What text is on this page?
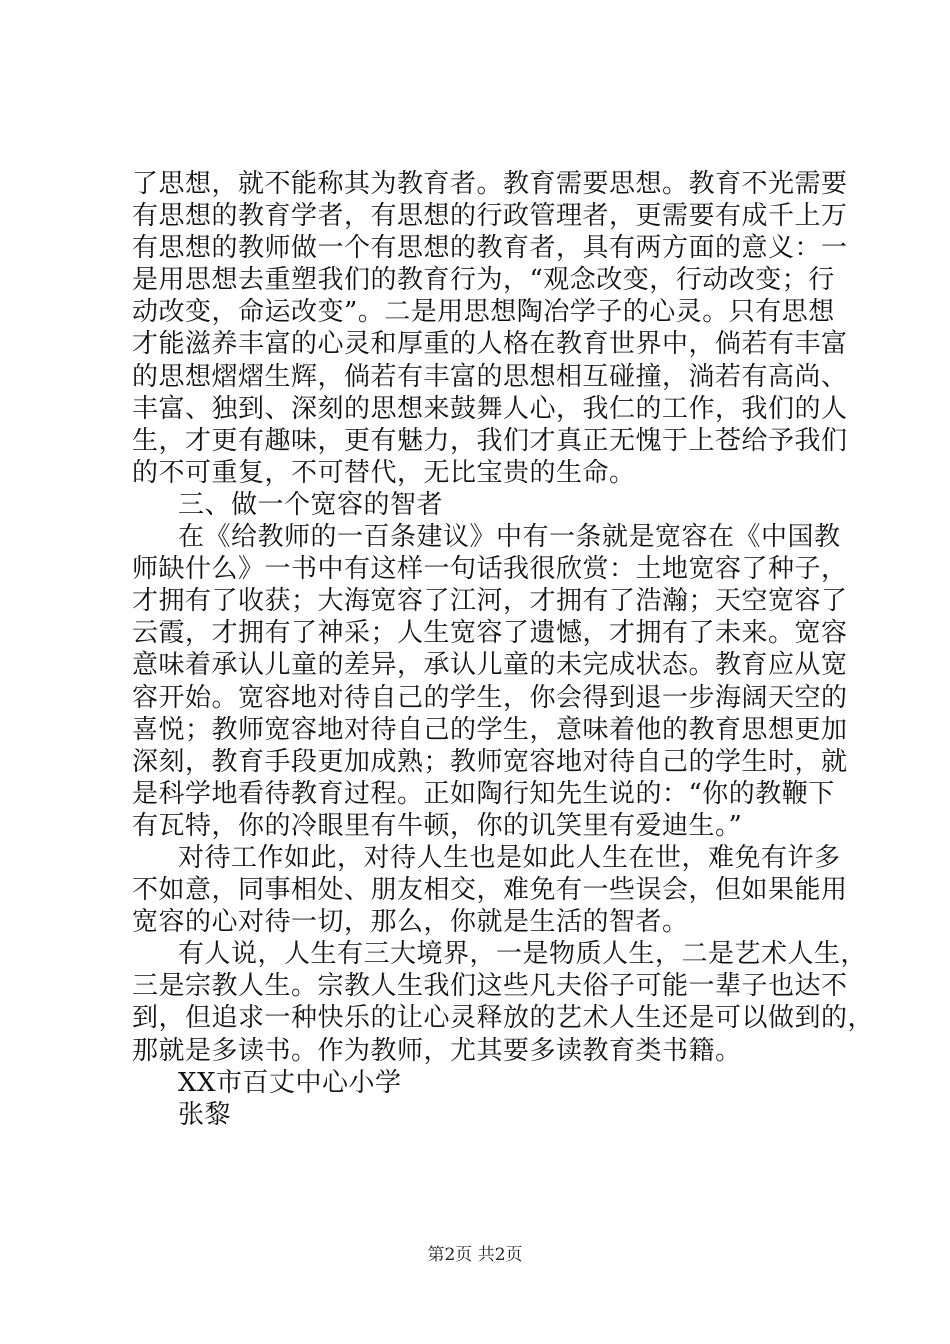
了思想，就不能称其为教育者。教育需要思想。教育不光需要
有思想的教育学者，有思想的行政管理者，更需要有成千上万
有思想的教师做一个有思想的教育者，具有两方面的意义：一
是用思想去重塑我们的教育行为，“观念改变，行动改变；行
动改变，命运改变”。二是用思想陶冶学子的心灵。只有思想
才能滋养丰富的心灵和厚重的人格在教育世界中，倘若有丰富
的思想熠熠生辉，倘若有丰富的思想相互碰撞，淌若有高尚、
丰富、独到、深刻的思想来鼓舞人心，我仁的工作，我们的人
生，才更有趣味，更有魅力，我们才真正无愧于上苍给予我们
的不可重复，不可替代，无比宝贵的生命。
三、做一个宽容的智者
在《给教师的一百条建议》中有一条就是宽容在《中国教
师缺什么》一书中有这样一句话我很欣赏：土地宽容了种子，
才拥有了收获；大海宽容了江河，才拥有了浩瀚；天空宽容了
云霞，才拥有了神采；人生宽容了遗憾，才拥有了未来。宽容
意味着承认儿童的差异，承认儿童的未完成状态。教育应从宽
容开始。宽容地对待自己的学生，你会得到退一步海阔天空的
喜悦；教师宽容地对待自己的学生，意味着他的教育思想更加
深刻，教育手段更加成熟；教师宽容地对待自己的学生时，就
是科学地看待教育过程。正如陶行知先生说的：“你的教鞭下
有瓦特，你的冷眼里有牛顿，你的讥笑里有爱迪生。”
对待工作如此，对待人生也是如此人生在世，难免有许多
不如意，同事相处、朋友相交，难免有一些误会，但如果能用
宽容的心对待一切，那么，你就是生活的智者。
有人说，人生有三大境界，一是物质人生，二是艺术人生，
三是宗教人生。宗教人生我们这些凡夫俗子可能一辈子也达不
到，但追求一种快乐的让心灵释放的艺术人生还是可以做到的，
那就是多读书。作为教师，尤其要多读教育类书籍。
XX市百丈中心小学
张黎
第2页 共2页
